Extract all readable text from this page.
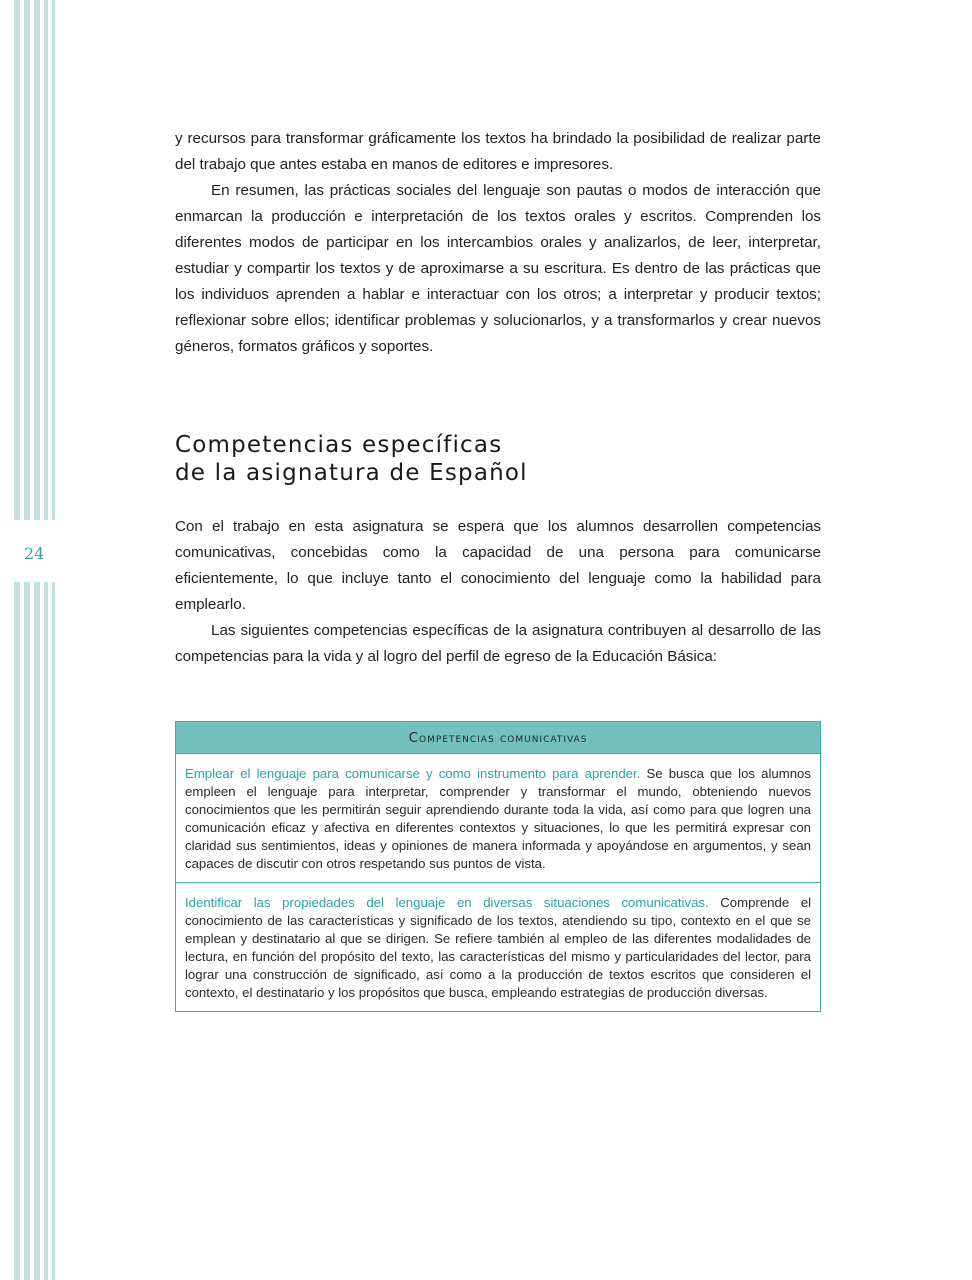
24

y recursos para transformar gráficamente los textos ha brindado la posibilidad de realizar parte del trabajo que antes estaba en manos de editores e impresores.

En resumen, las prácticas sociales del lenguaje son pautas o modos de interacción que enmarcan la producción e interpretación de los textos orales y escritos. Comprenden los diferentes modos de participar en los intercambios orales y analizarlos, de leer, interpretar, estudiar y compartir los textos y de aproximarse a su escritura. Es dentro de las prácticas que los individuos aprenden a hablar e interactuar con los otros; a interpretar y producir textos; reflexionar sobre ellos; identificar problemas y solucionarlos, y a transformarlos y crear nuevos géneros, formatos gráficos y soportes.

Competencias específicas
de la asignatura de Español

Con el trabajo en esta asignatura se espera que los alumnos desarrollen competencias comunicativas, concebidas como la capacidad de una persona para comunicarse eficientemente, lo que incluye tanto el conocimiento del lenguaje como la habilidad para emplearlo.

Las siguientes competencias específicas de la asignatura contribuyen al desarrollo de las competencias para la vida y al logro del perfil de egreso de la Educación Básica:

Competencias comunicativas
Emplear el lenguaje para comunicarse y como instrumento para aprender. Se busca que los alumnos empleen el lenguaje para interpretar, comprender y transformar el mundo, obteniendo nuevos conocimientos que les permitirán seguir aprendiendo durante toda la vida, así como para que logren una comunicación eficaz y afectiva en diferentes contextos y situaciones, lo que les permitirá expresar con claridad sus sentimientos, ideas y opiniones de manera informada y apoyándose en argumentos, y sean capaces de discutir con otros respetando sus puntos de vista.
Identificar las propiedades del lenguaje en diversas situaciones comunicativas. Comprende el conocimiento de las características y significado de los textos, atendiendo su tipo, contexto en el que se emplean y destinatario al que se dirigen. Se refiere también al empleo de las diferentes modalidades de lectura, en función del propósito del texto, las características del mismo y particularidades del lector, para lograr una construcción de significado, así como a la producción de textos escritos que consideren el contexto, el destinatario y los propósitos que busca, empleando estrategias de producción diversas.
